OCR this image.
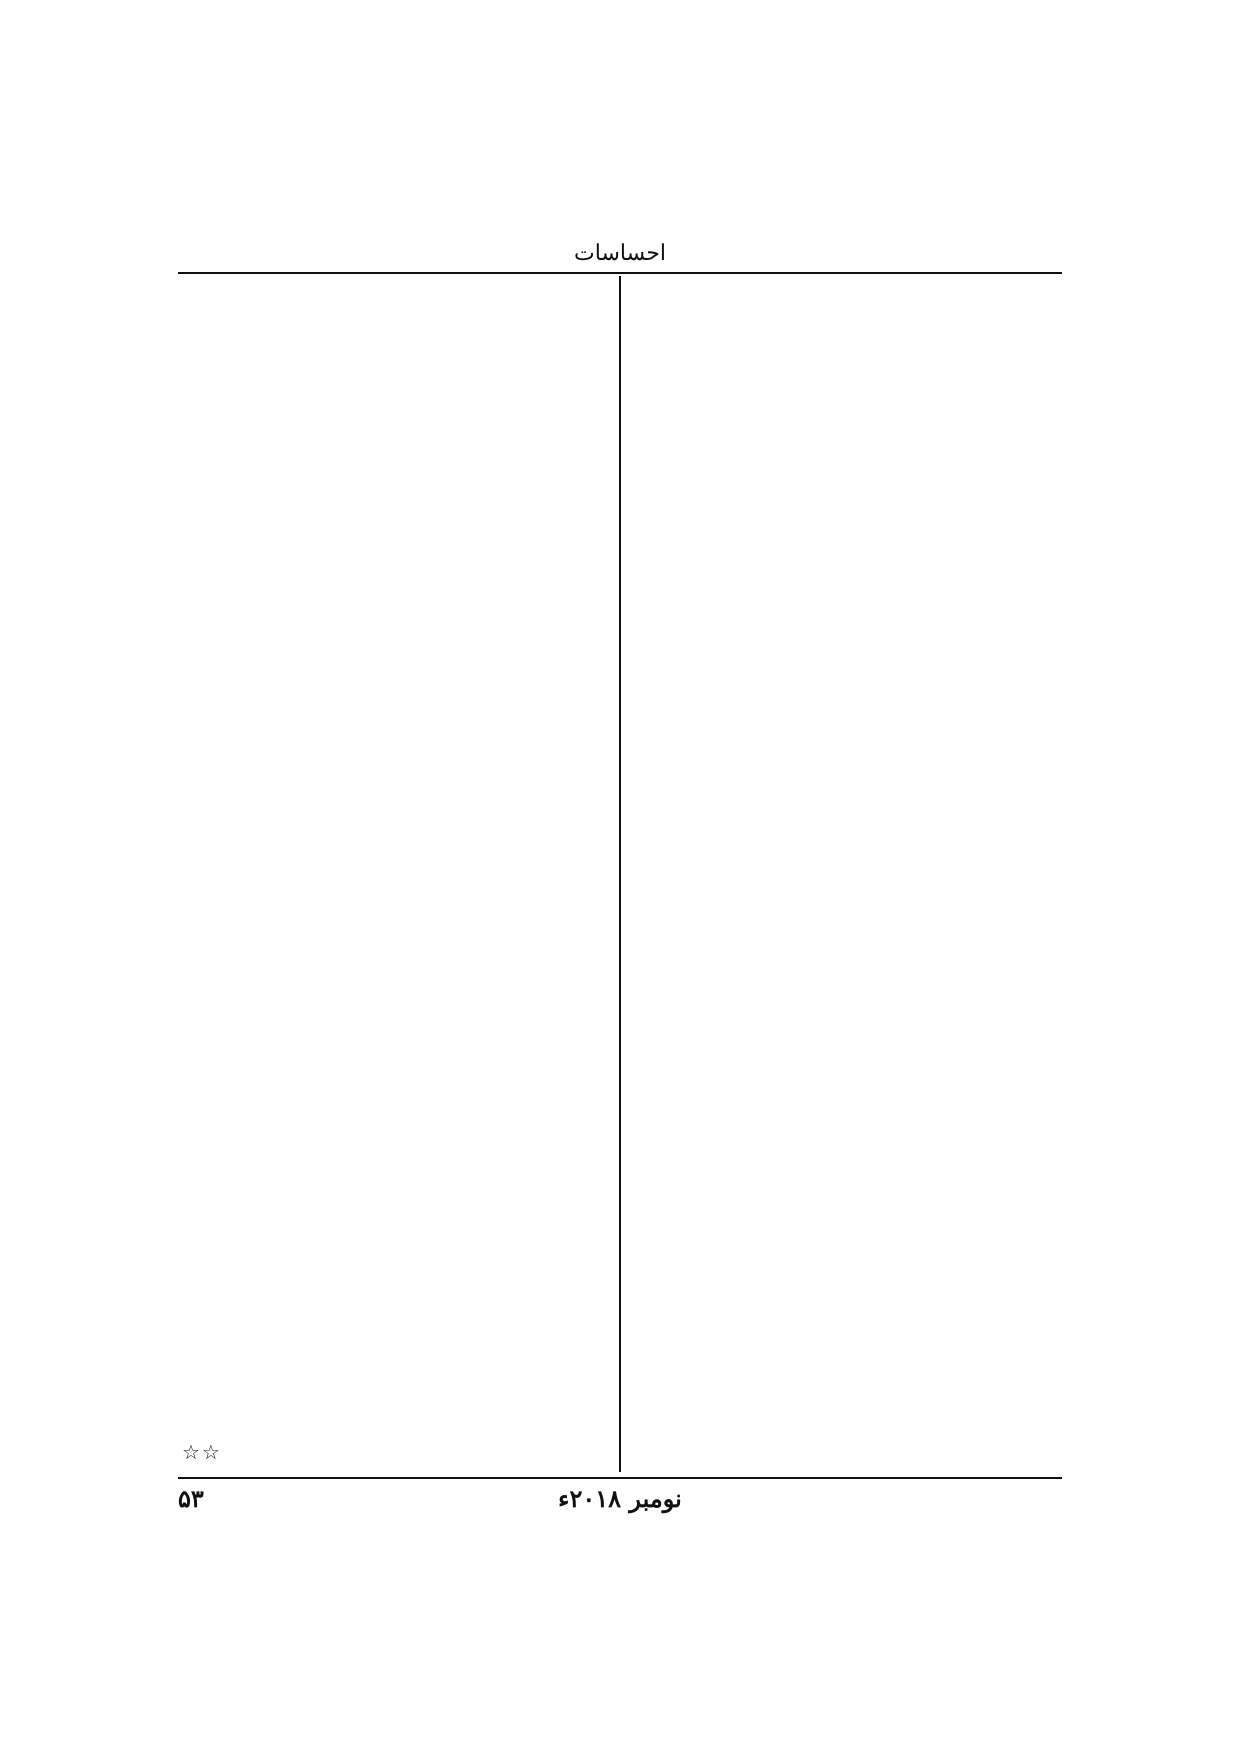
احساسات

☆☆
نومبر ۲۰۱۸ء
۵۳
